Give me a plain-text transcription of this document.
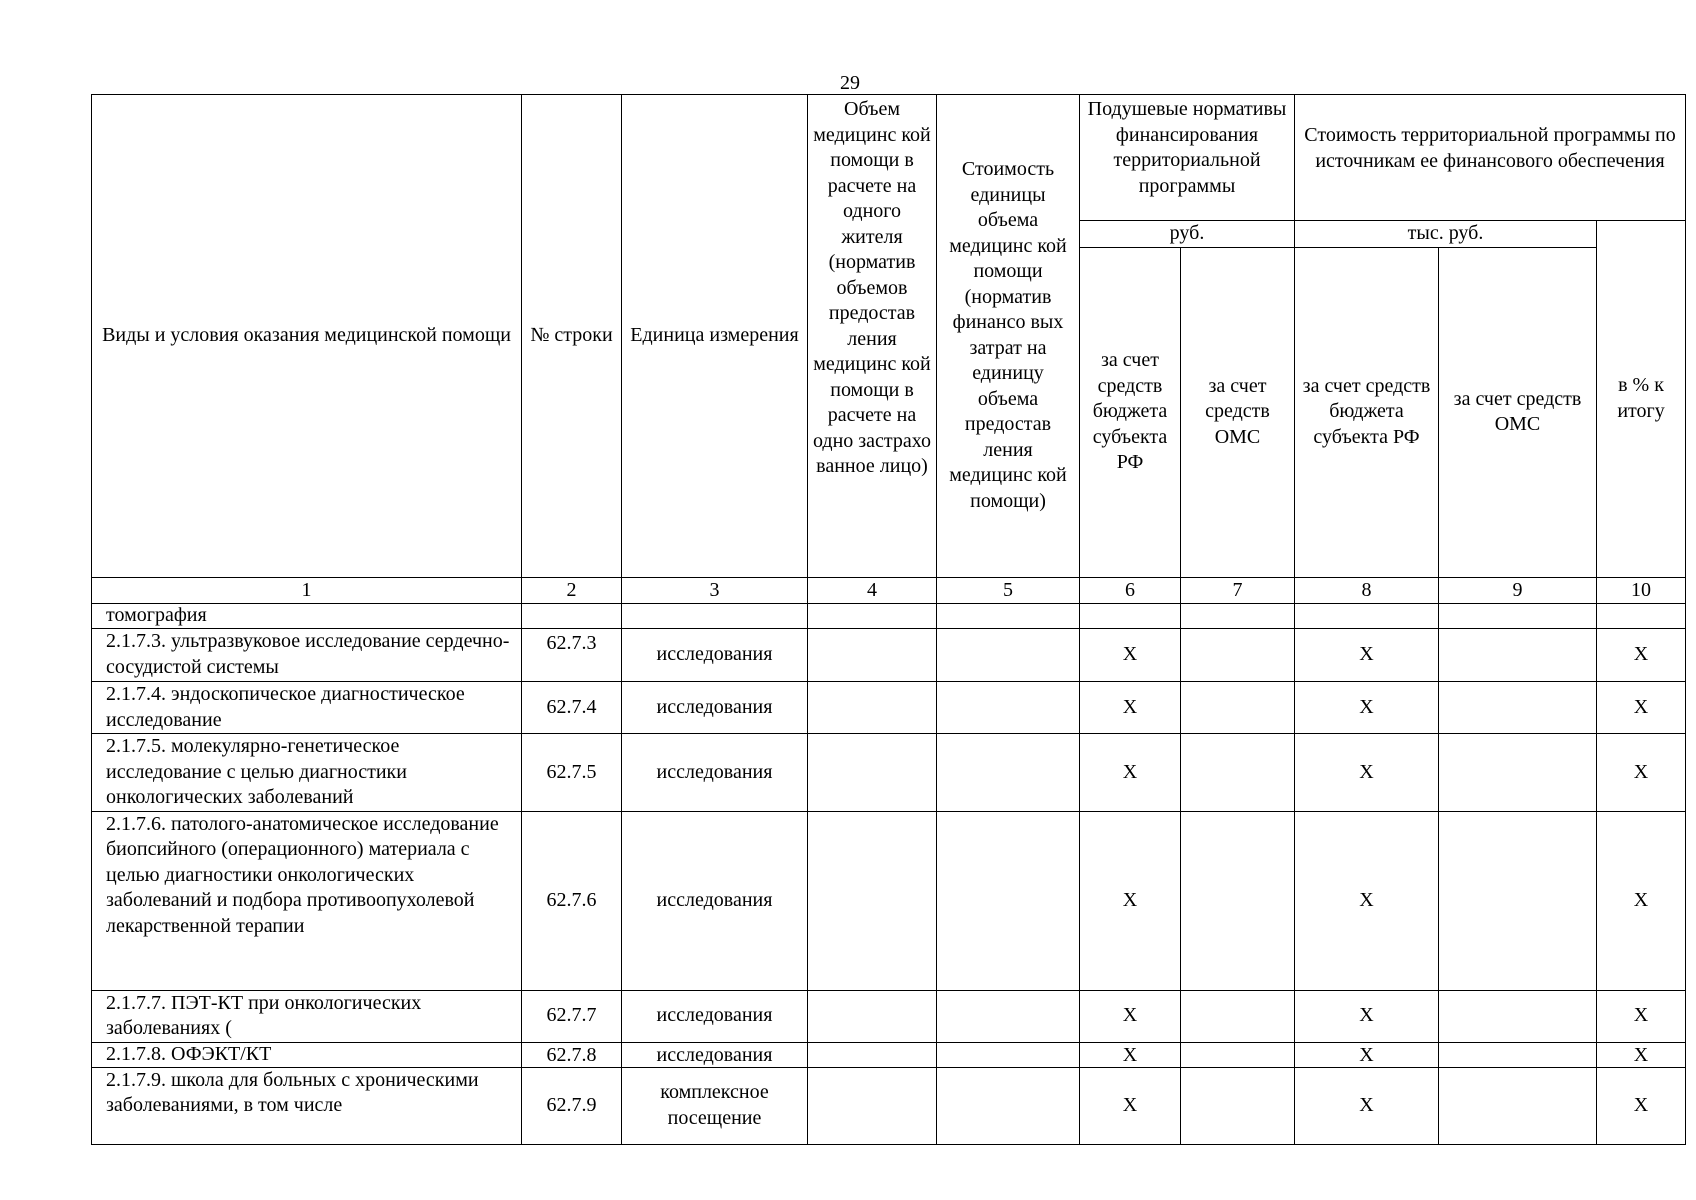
29
Виды и условия оказания медицинской помощи	№ строки	Единица измерения	Объем медицинс кой помощи в расчете на одного жителя (норматив объемов предостав ления медицинс кой помощи в расчете на одно застрахо ванное лицо)	Стоимость единицы объема медицинс кой помощи (норматив финансо вых затрат на единицу объема предостав ления медицинс кой помощи)	Подушевые нормативы финансирования территориальной программы		Стоимость территориальной программы по источникам ее финансового обеспечения		
					руб.		тыс. руб.		в % к итогу
					за счет средств бюджета субъекта РФ	за счет средств ОМС	за счет средств бюджета субъекта РФ	за счет средств ОМС	
1	2	3	4	5	6	7	8	9	10
томография									
2.1.7.3. ультразвуковое исследование сердечно-сосудистой системы	62.7.3	исследования			Х		Х		Х
2.1.7.4. эндоскопическое диагностическое исследование	62.7.4	исследования			Х		Х		Х
2.1.7.5. молекулярно-генетическое исследование с целью диагностики онкологических заболеваний	62.7.5	исследования			Х		Х		Х
2.1.7.6. патолого-анатомическое исследование биопсийного (операционного) материала с целью диагностики онкологических заболеваний и подбора противоопухолевой лекарственной терапии	62.7.6	исследования			Х		Х		Х
2.1.7.7. ПЭТ-КТ при онкологических заболеваниях (	62.7.7	исследования			Х		Х		Х
2.1.7.8. ОФЭКТ/КТ	62.7.8	исследования			Х		Х		Х
2.1.7.9. школа для больных с хроническими заболеваниями, в том числе	62.7.9	комплексное посещение			Х		Х		Х
